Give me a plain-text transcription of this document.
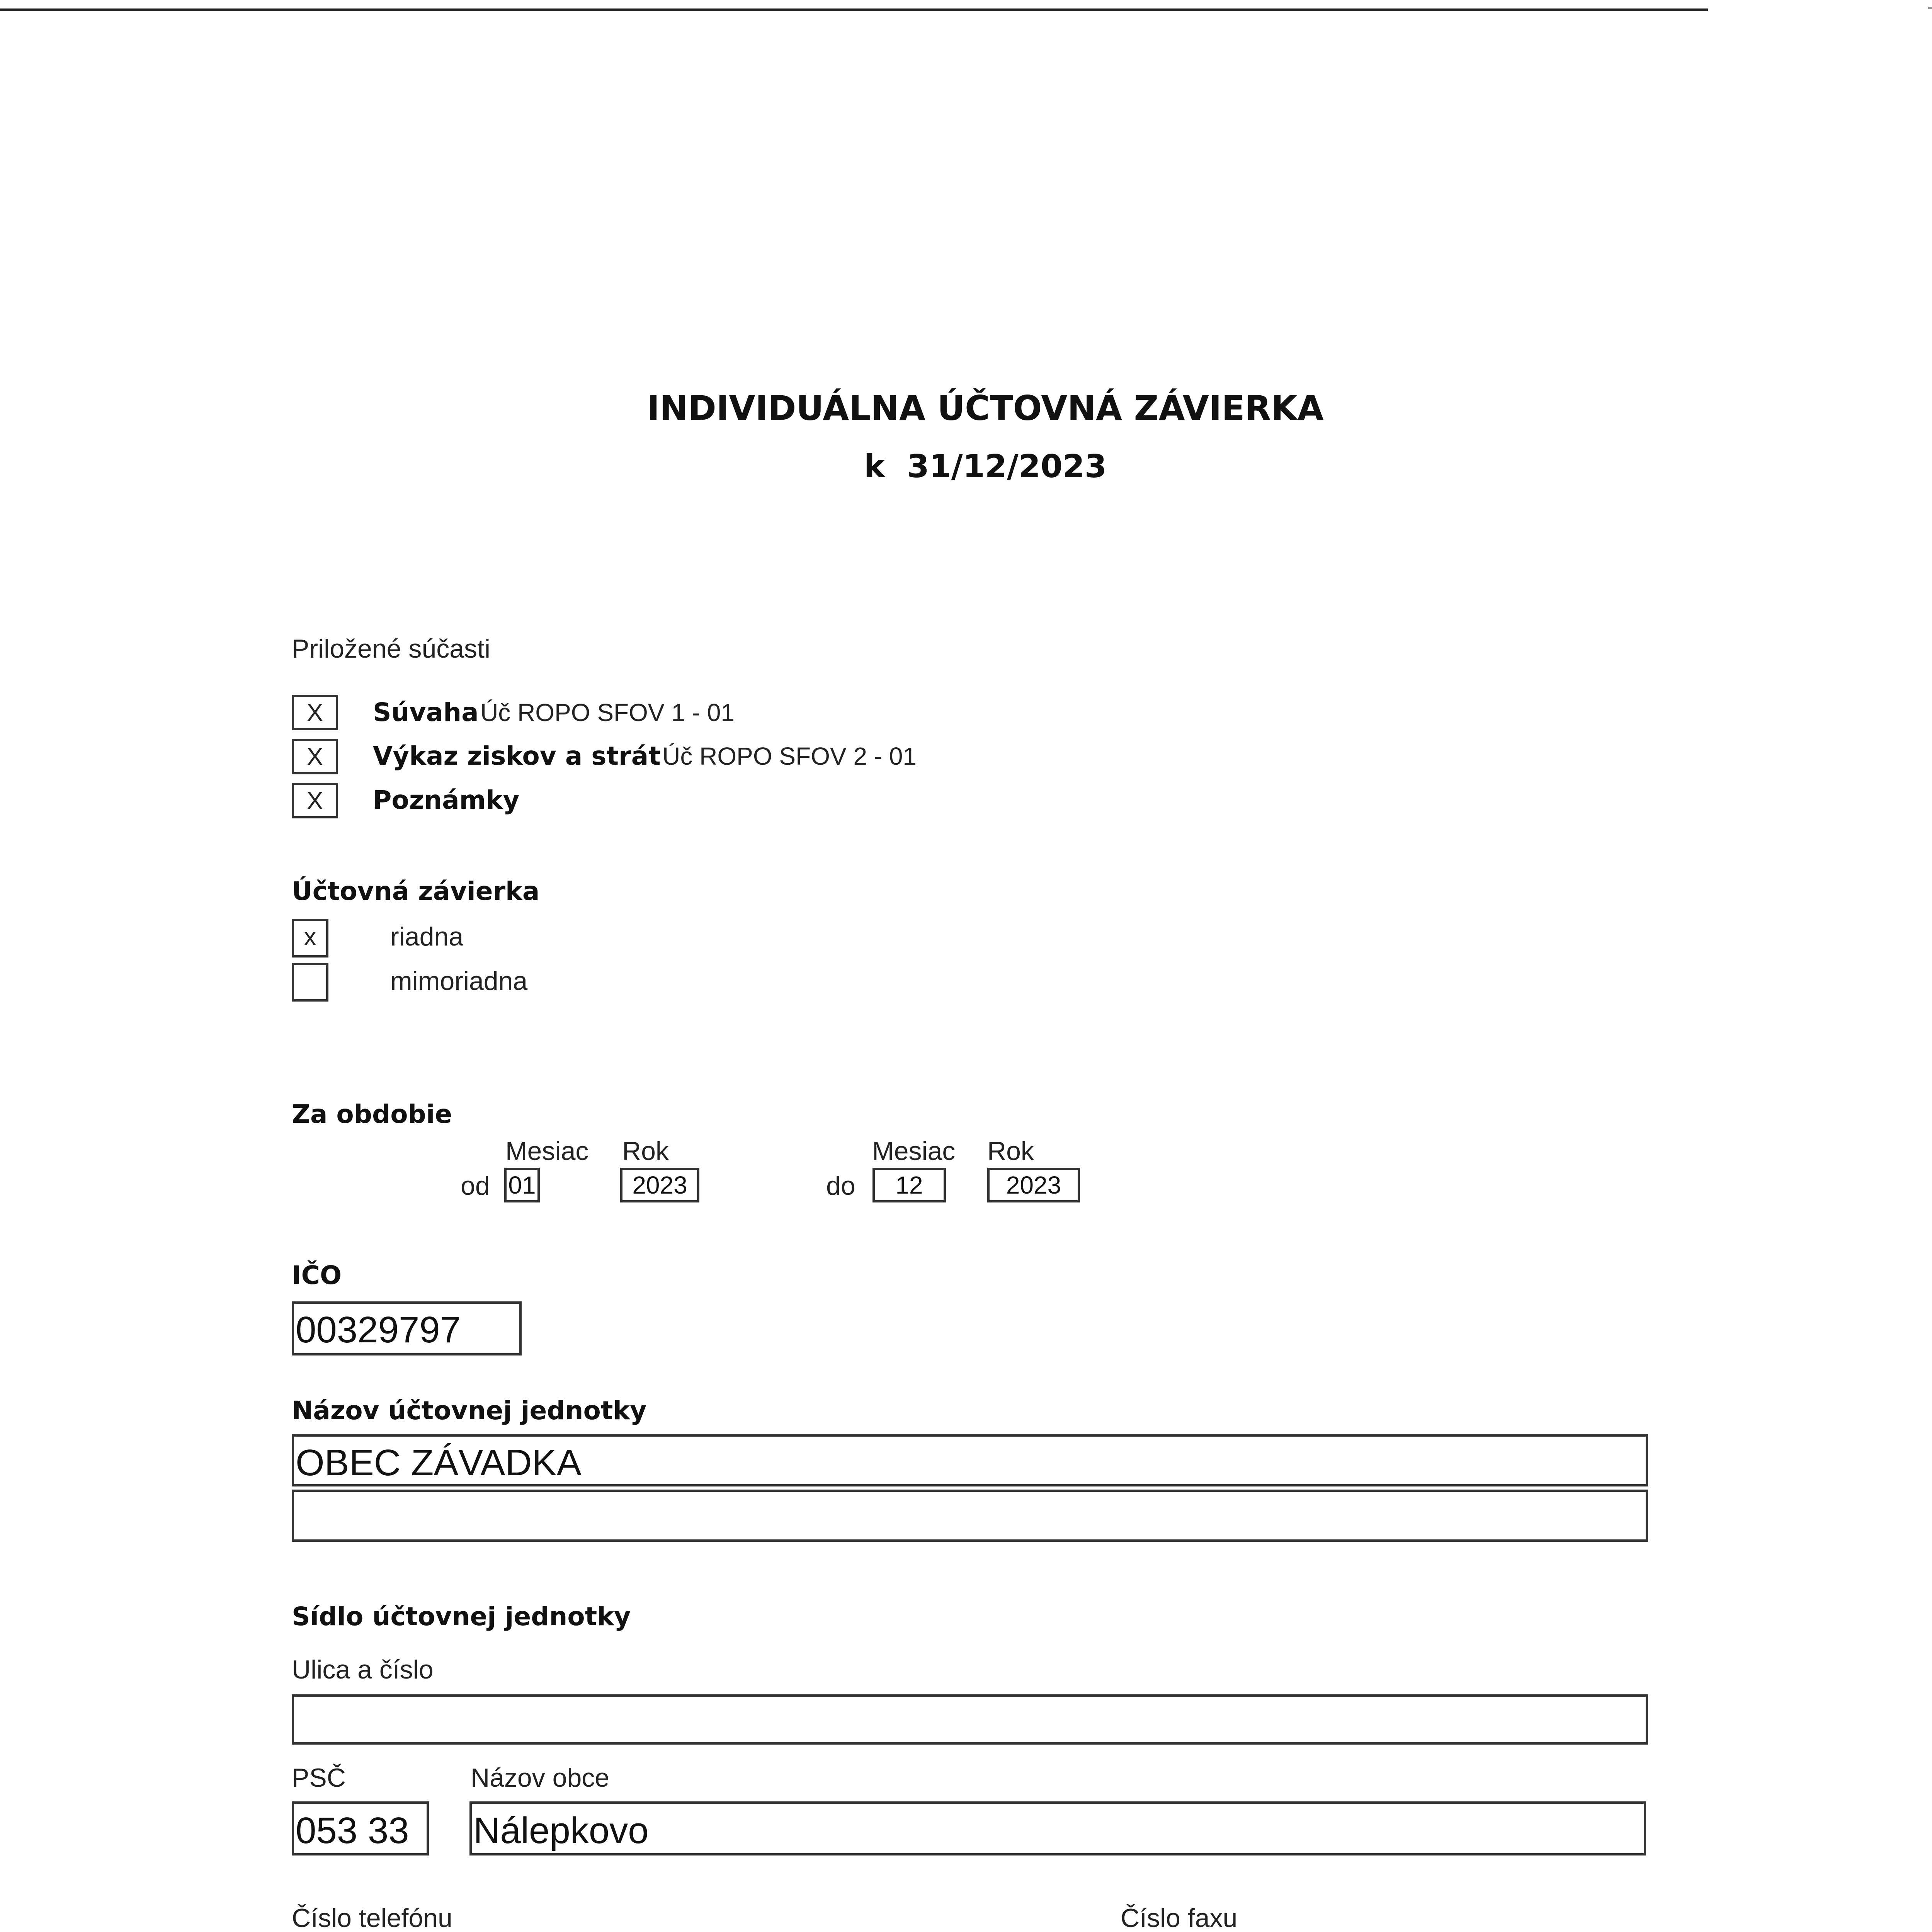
INDIVIDUÁLNA ÚČTOVNÁ ZÁVIERKA
k 31/12/2023
Priložené súčasti
X	Súvaha Úč ROPO SFOV 1 - 01
X	Výkaz ziskov a strát Úč ROPO SFOV 2 - 01
X	Poznámky
Účtovná závierka
x	riadna
mimoriadna
Za obdobie
Mesiac Rok	Mesiac Rok
od 01	2023	do	12	2023
IČO
00329797
Názov účtovnej jednotky
OBEC ZÁVADKA
Sídlo účtovnej jednotky
Ulica a číslo
PSČ	Názov obce
053 33	Nálepkovo
Číslo telefónu	Číslo faxu
